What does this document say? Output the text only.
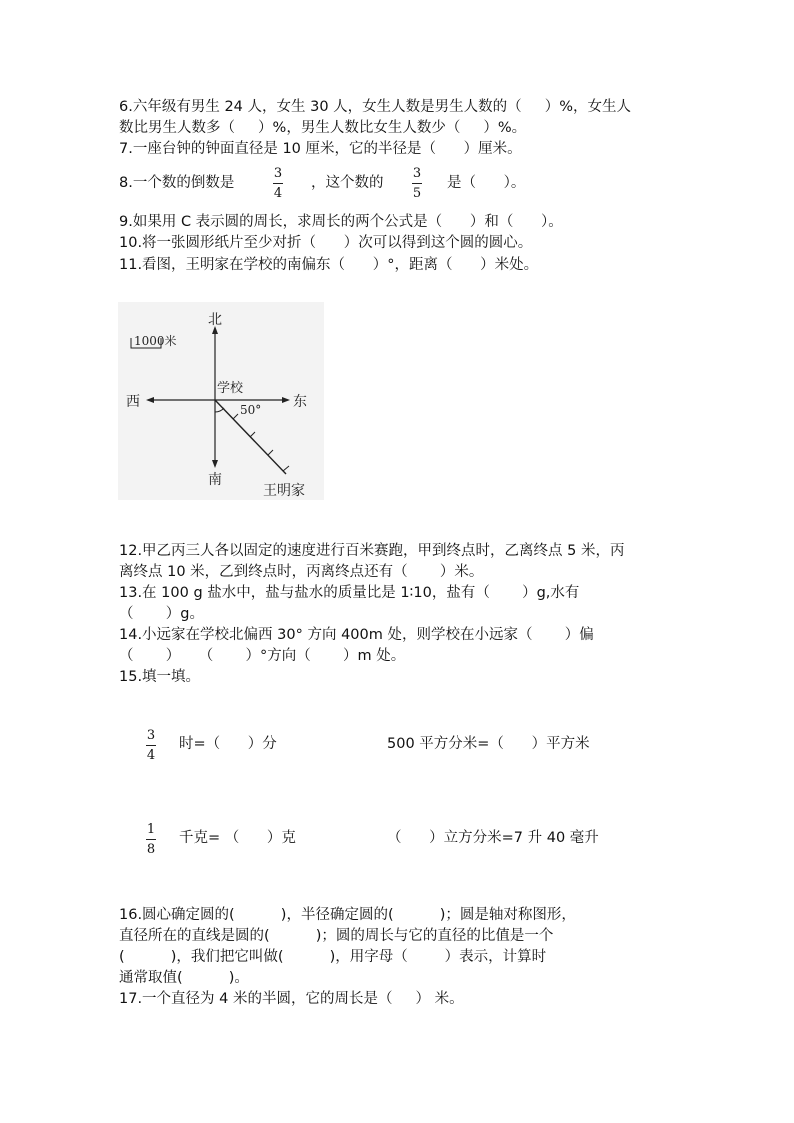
6.六年级有男生 24 人，女生 30 人，女生人数是男生人数的（     ）%，女生人
数比男生人数多（     ）%，男生人数比女生人数少（     ）%。
7.一座台钟的钟面直径是 10 厘米，它的半径是（      ）厘米。
8.一个数的倒数是
3
4
，这个数的
3
5
是（      ）。
9.如果用 C 表示圆的周长，求周长的两个公式是（      ）和（      ）。
10.将一张圆形纸片至少对折（      ）次可以得到这个圆的圆心。
11.看图，王明家在学校的南偏东（      ）°，距离（      ）米处。
1000米
北
南
西	东
学校
50°
王明家
12.甲乙丙三人各以固定的速度进行百米赛跑，甲到终点时，乙离终点 5 米，丙
离终点 10 米，乙到终点时，丙离终点还有（       ）米。
13.在 100 g 盐水中，盐与盐水的质量比是 1∶10，盐有（       ）g,水有
（       ）g。
14.小远家在学校北偏西 30° 方向 400m 处，则学校在小远家（       ）偏
（       ）    （       ）°方向（       ）m 处。
15.填一填。
3
4
时=（      ）分	500 平方分米=（      ）平方米
1
8
千克= （      ）克	（      ）立方分米=7 升 40 毫升
16.圆心确定圆的(          )，半径确定圆的(          )；圆是轴对称图形，
直径所在的直线是圆的(          )；圆的周长与它的直径的比值是一个
(          )，我们把它叫做(          )，用字母（        ）表示，计算时
通常取值(          )。
17.一个直径为 4 米的半圆，它的周长是（     ） 米。
